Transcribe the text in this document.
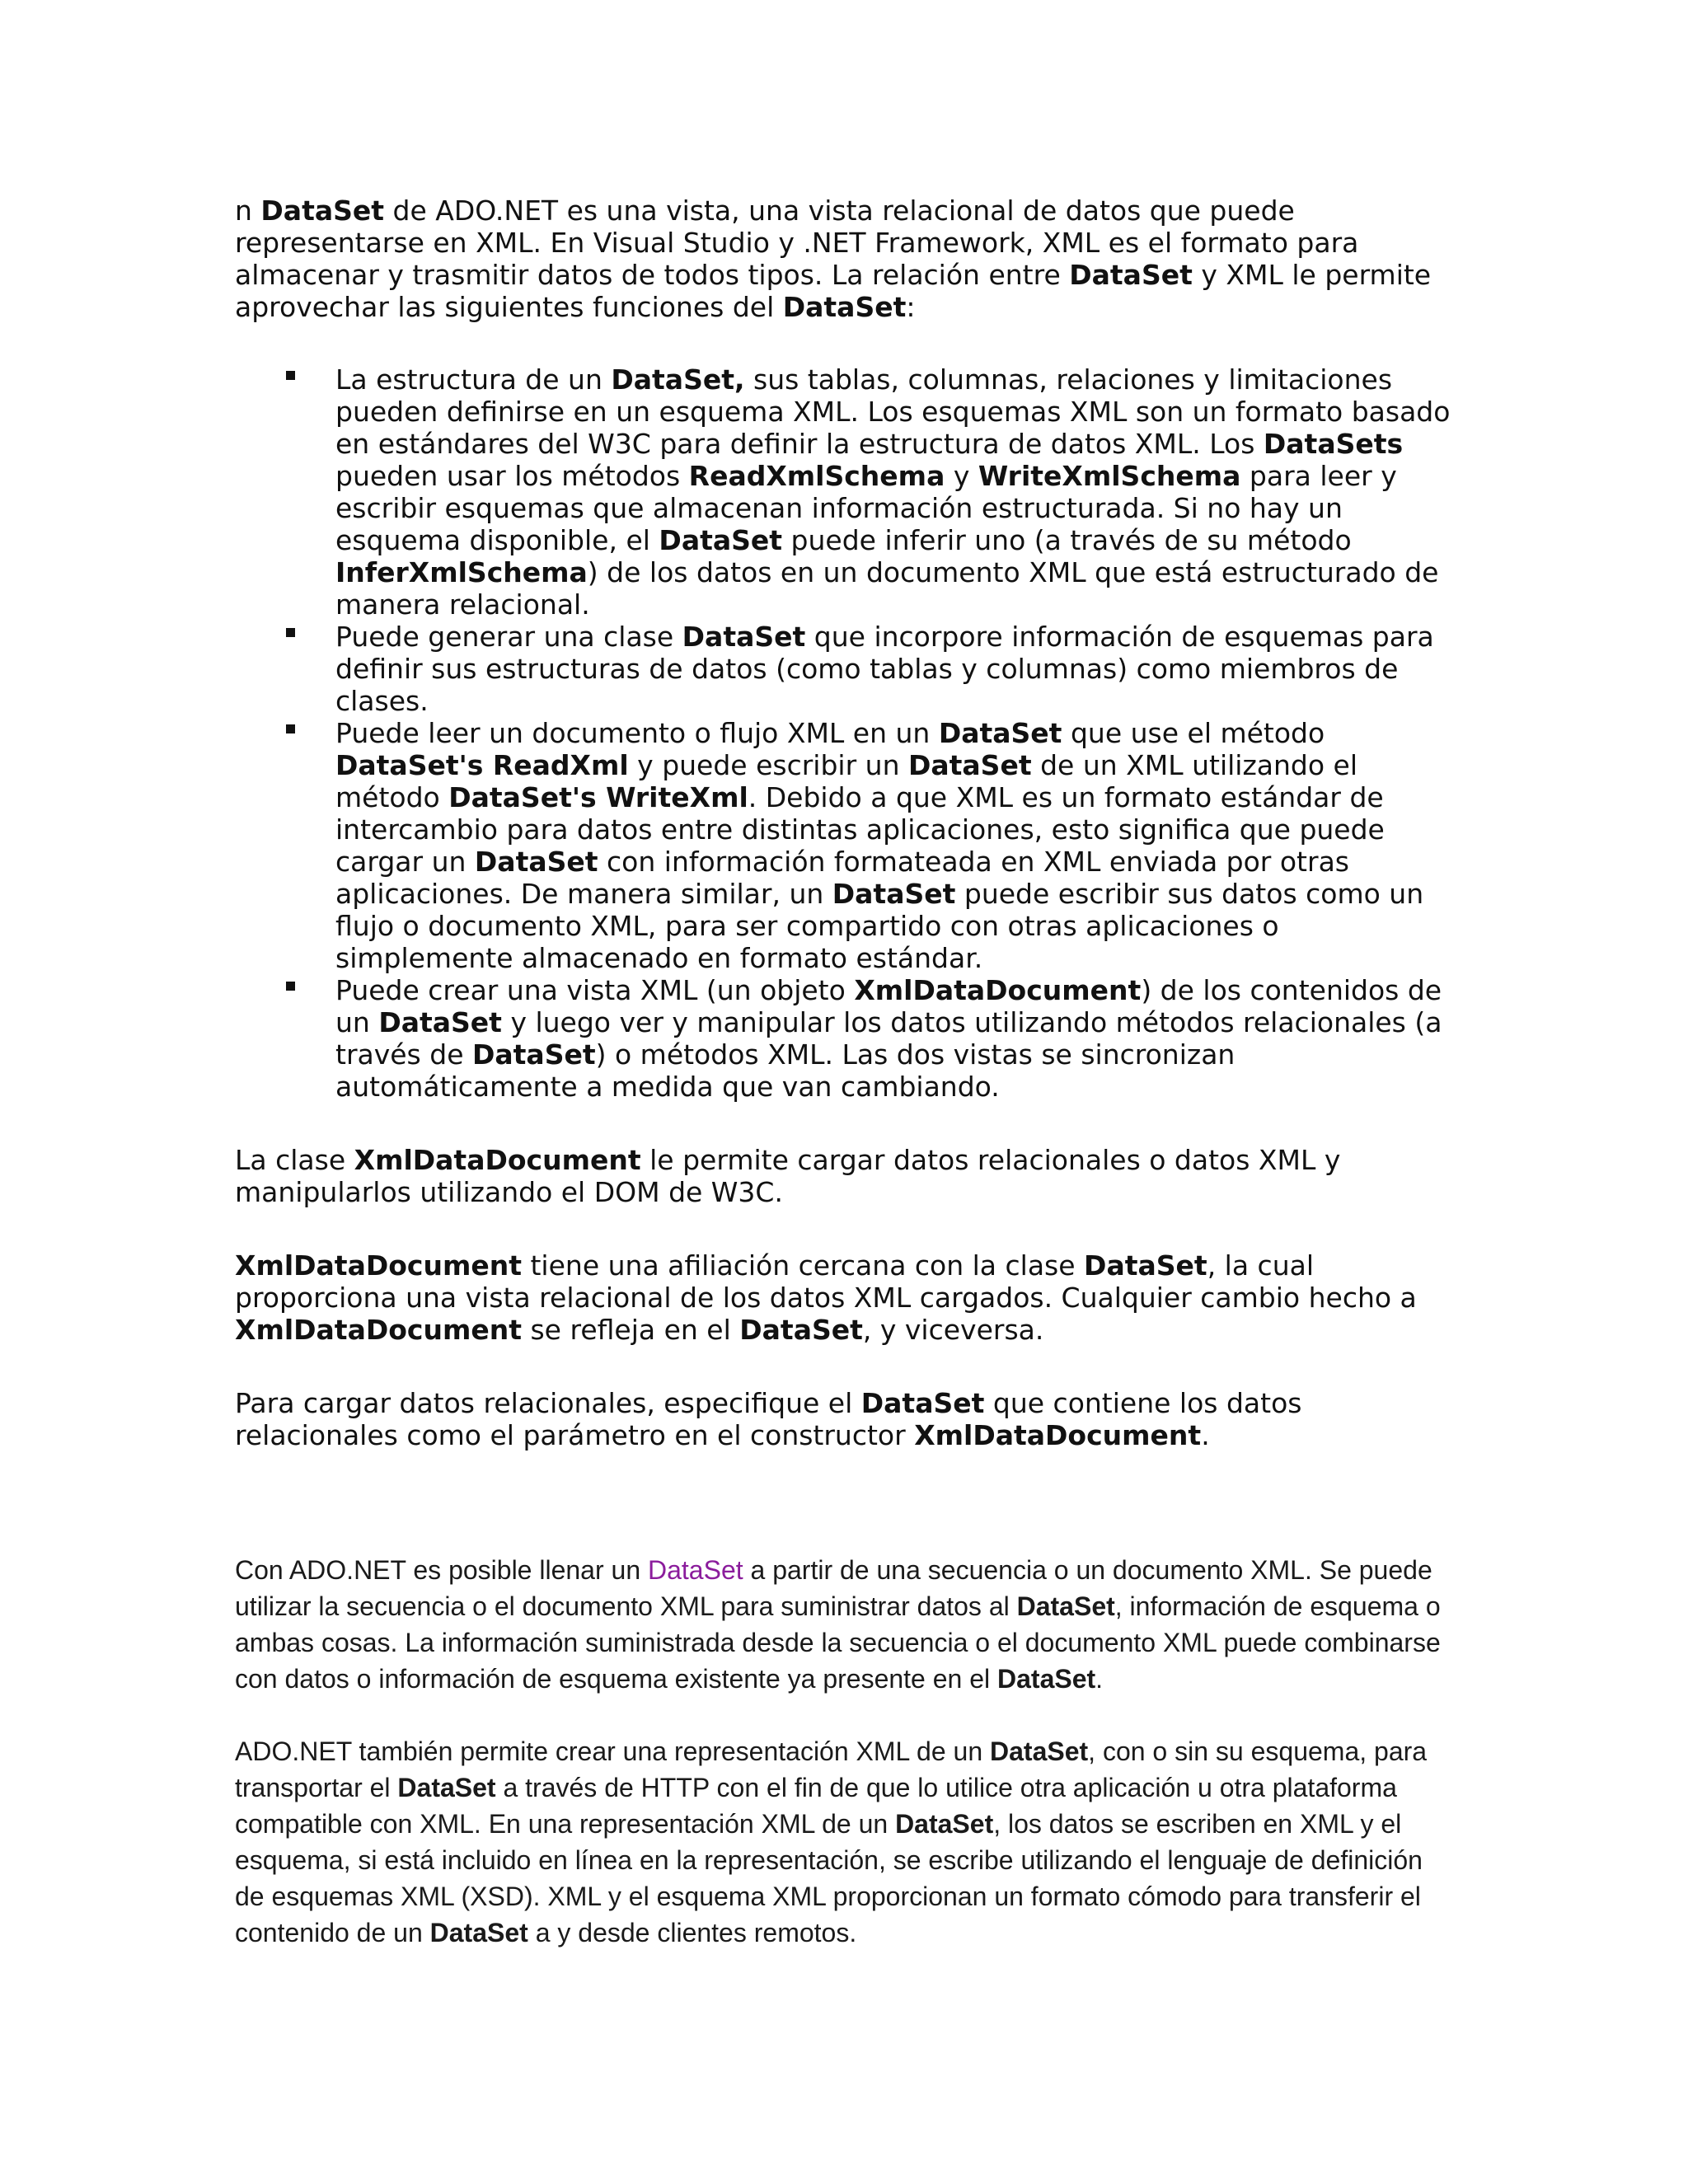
n DataSet de ADO.NET es una vista, una vista relacional de datos que puede representarse en XML. En Visual Studio y .NET Framework, XML es el formato para almacenar y trasmitir datos de todos tipos. La relación entre DataSet y XML le permite aprovechar las siguientes funciones del DataSet:

La estructura de un DataSet, sus tablas, columnas, relaciones y limitaciones pueden definirse en un esquema XML. Los esquemas XML son un formato basado en estándares del W3C para definir la estructura de datos XML. Los DataSets pueden usar los métodos ReadXmlSchema y WriteXmlSchema para leer y escribir esquemas que almacenan información estructurada. Si no hay un esquema disponible, el DataSet puede inferir uno (a través de su método InferXmlSchema) de los datos en un documento XML que está estructurado de manera relacional.
Puede generar una clase DataSet que incorpore información de esquemas para definir sus estructuras de datos (como tablas y columnas) como miembros de clases.
Puede leer un documento o flujo XML en un DataSet que use el método DataSet's ReadXml y puede escribir un DataSet de un XML utilizando el método DataSet's WriteXml. Debido a que XML es un formato estándar de intercambio para datos entre distintas aplicaciones, esto significa que puede cargar un DataSet con información formateada en XML enviada por otras aplicaciones. De manera similar, un DataSet puede escribir sus datos como un flujo o documento XML, para ser compartido con otras aplicaciones o simplemente almacenado en formato estándar.
Puede crear una vista XML (un objeto XmlDataDocument) de los contenidos de un DataSet y luego ver y manipular los datos utilizando métodos relacionales (a través de DataSet) o métodos XML. Las dos vistas se sincronizan automáticamente a medida que van cambiando.

La clase XmlDataDocument le permite cargar datos relacionales o datos XML y manipularlos utilizando el DOM de W3C.

XmlDataDocument tiene una afiliación cercana con la clase DataSet, la cual proporciona una vista relacional de los datos XML cargados. Cualquier cambio hecho a XmlDataDocument se refleja en el DataSet, y viceversa.

Para cargar datos relacionales, especifique el DataSet que contiene los datos relacionales como el parámetro en el constructor XmlDataDocument.

Con ADO.NET es posible llenar un DataSet a partir de una secuencia o un documento XML. Se puede utilizar la secuencia o el documento XML para suministrar datos al DataSet, información de esquema o ambas cosas. La información suministrada desde la secuencia o el documento XML puede combinarse con datos o información de esquema existente ya presente en el DataSet.

ADO.NET también permite crear una representación XML de un DataSet, con o sin su esquema, para transportar el DataSet a través de HTTP con el fin de que lo utilice otra aplicación u otra plataforma compatible con XML. En una representación XML de un DataSet, los datos se escriben en XML y el esquema, si está incluido en línea en la representación, se escribe utilizando el lenguaje de definición de esquemas XML (XSD). XML y el esquema XML proporcionan un formato cómodo para transferir el contenido de un DataSet a y desde clientes remotos.
